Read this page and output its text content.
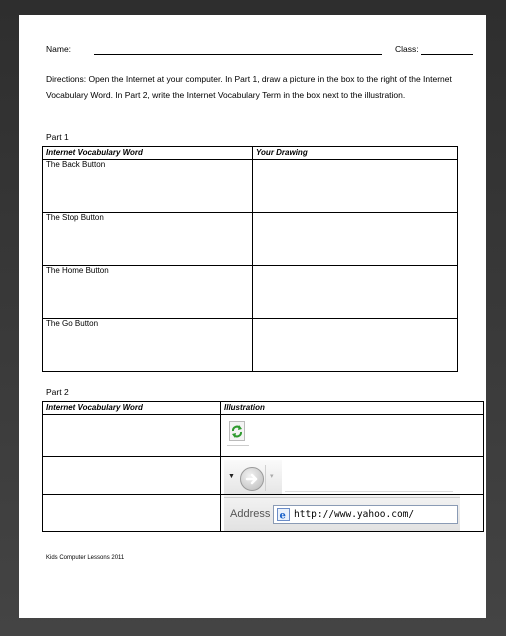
Name:	Class:
Directions: Open the Internet at your computer. In Part 1, draw a picture in the box to the right of the Internet Vocabulary Word. In Part 2, write the Internet Vocabulary Term in the box next to the illustration.
Part 1
Internet Vocabulary Word	Your Drawing
The Back Button	
The Stop Button	
The Home Button	
The Go Button	
Part 2
Internet Vocabulary Word	Illustration

	▼ ▾

	Address e http://www.yahoo.com/
Kids Computer Lessons 2011
